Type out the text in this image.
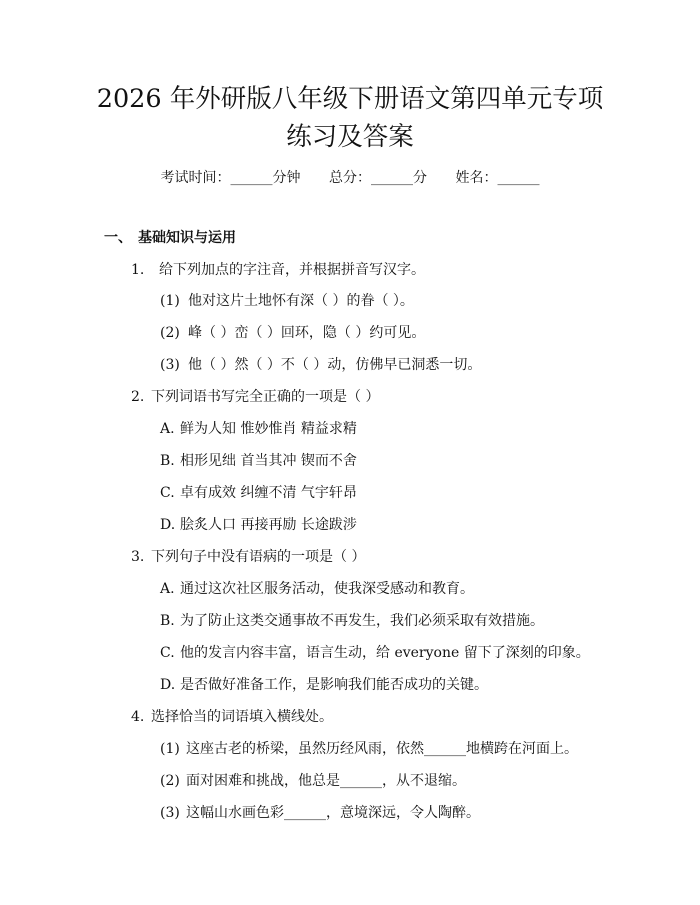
2026 年外研版八年级下册语文第四单元专项
练习及答案
考试时间：______分钟 总分：______分 姓名：______
一、 基础知识与运用
1. 给下列加点的字注音，并根据拼音写汉字。
(1) 他对这片土地怀有深（ ）的眷（ ）。
(2) 峰（ ）峦（ ）回环，隐（ ）约可见。
(3) 他（ ）然（ ）不（ ）动，仿佛早已洞悉一切。
2. 下列词语书写完全正确的一项是（ ）
A. 鲜为人知 惟妙惟肖 精益求精
B. 相形见绌 首当其冲 锲而不舍
C. 卓有成效 纠缠不清 气宇轩昂
D. 脍炙人口 再接再励 长途跋涉
3. 下列句子中没有语病的一项是（ ）
A. 通过这次社区服务活动，使我深受感动和教育。
B. 为了防止这类交通事故不再发生，我们必须采取有效措施。
C. 他的发言内容丰富，语言生动，给 everyone 留下了深刻的印象。
D. 是否做好准备工作，是影响我们能否成功的关键。
4. 选择恰当的词语填入横线处。
(1) 这座古老的桥梁，虽然历经风雨，依然______地横跨在河面上。
(2) 面对困难和挑战，他总是______，从不退缩。
(3) 这幅山水画色彩______，意境深远，令人陶醉。
